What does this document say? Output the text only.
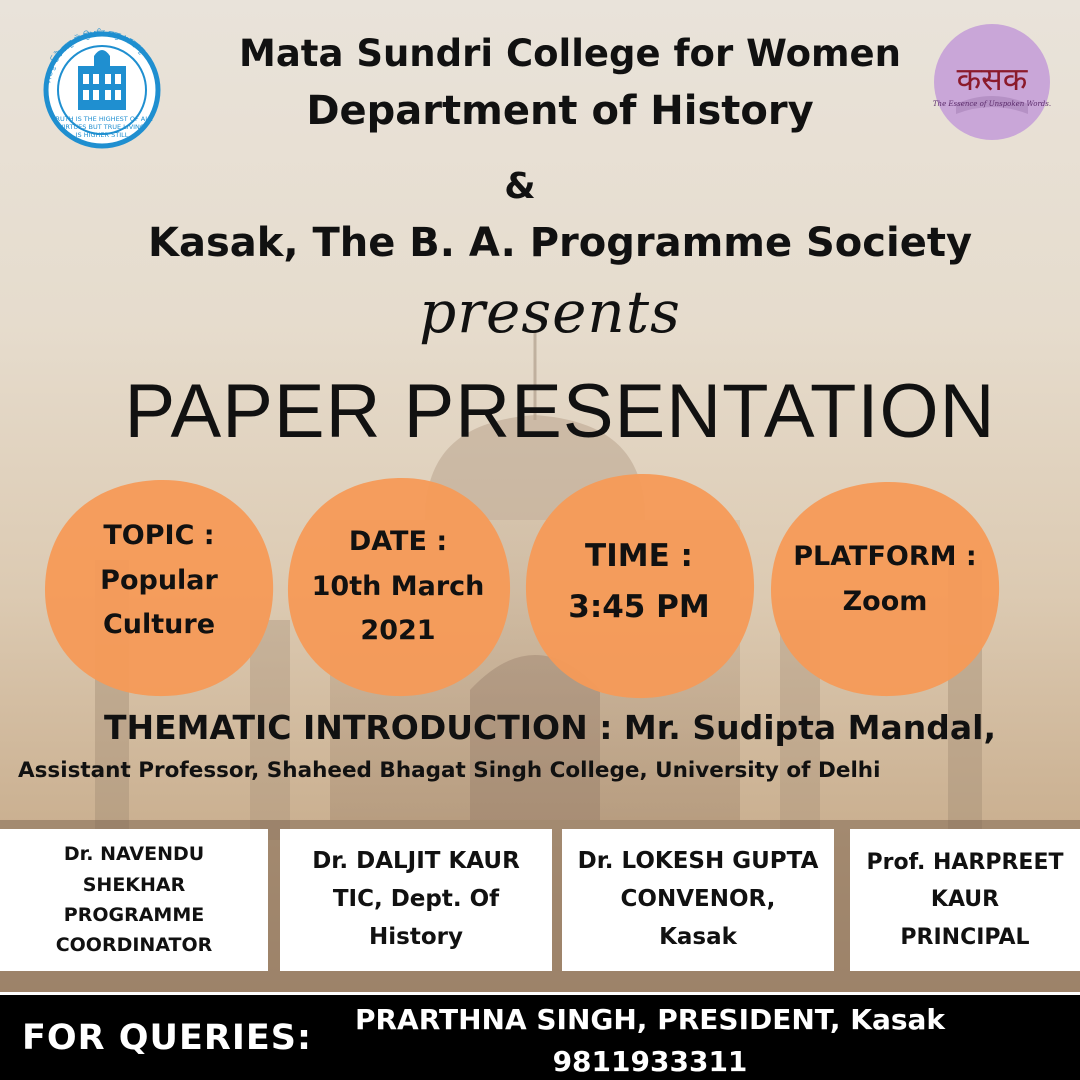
ਸਚਹੁ ਓਰੈ ਸਭੁ ਕੋ ਉਪਰਿ ਸਚੁ ਆਚਾਰੁ
TRUTH IS THE HIGHEST OF ALL
VIRTUES BUT TRUE LIVING
IS HIGHER STILL
कसक
The Essence of Unspoken Words.
Mata Sundri College for Women
Department of History
&
Kasak, The B. A. Programme Society
presents
PAPER PRESENTATION
TOPIC :
Popular
Culture
DATE :
10th March
2021
TIME :
3:45 PM
PLATFORM :
Zoom
THEMATIC INTRODUCTION : Mr. Sudipta Mandal,
Assistant Professor, Shaheed Bhagat Singh College, University of Delhi
Dr. NAVENDU
SHEKHAR
PROGRAMME
COORDINATOR
Dr. DALJIT KAUR
TIC, Dept. Of
History
Dr. LOKESH GUPTA
CONVENOR,
Kasak
Prof. HARPREET
KAUR
PRINCIPAL
FOR QUERIES:	PRARTHNA SINGH, PRESIDENT, Kasak
9811933311
